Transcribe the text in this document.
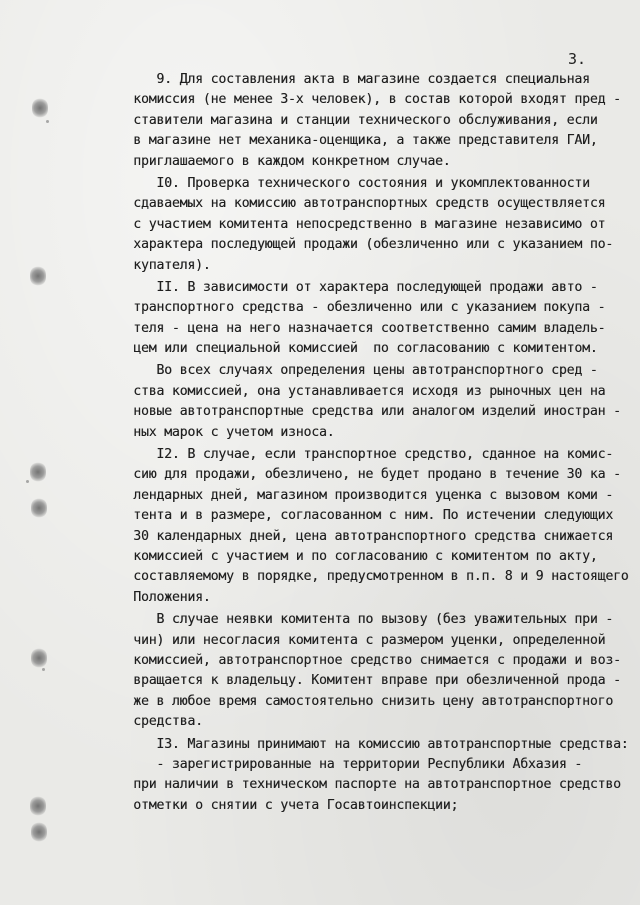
3.
9. Для составления акта в магазине создается специальная
комиссия (не менее 3-х человек), в состав которой входят пред -
ставители магазина и станции технического обслуживания, если
в магазине нет механика-оценщика, а также представителя ГАИ,
приглашаемого в каждом конкретном случае.
I0. Проверка технического состояния и укомплектованности
сдаваемых на комиссию автотранспортных средств осуществляется
с участием комитента непосредственно в магазине независимо от
характера последующей продажи (обезличенно или с указанием по-
купателя).
II. В зависимости от характера последующей продажи авто -
транспортного средства - обезличенно или с указанием покупа -
теля - цена на него назначается соответственно самим владель-
цем или специальной комиссией  по согласованию с комитентом.
Во всех случаях определения цены автотранспортного сред -
ства комиссией, она устанавливается исходя из рыночных цен на
новые автотранспортные средства или аналогом изделий иностран -
ных марок с учетом износа.
I2. В случае, если транспортное средство, сданное на комис-
сию для продажи, обезличено, не будет продано в течение 30 ка -
лендарных дней, магазином производится уценка с вызовом коми -
тента и в размере, согласованном с ним. По истечении следующих
30 календарных дней, цена автотранспортного средства снижается
комиссией с участием и по согласованию с комитентом по акту,
составляемому в порядке, предусмотренном в п.п. 8 и 9 настоящего
Положения.
В случае неявки комитента по вызову (без уважительных при -
чин) или несогласия комитента с размером уценки, определенной
комиссией, автотранспортное средство снимается с продажи и воз-
вращается к владельцу. Комитент вправе при обезличенной прода -
же в любое время самостоятельно снизить цену автотранспортного
средства.
I3. Магазины принимают на комиссию автотранспортные средства:
- зарегистрированные на территории Республики Абхазия -
при наличии в техническом паспорте на автотранспортное средство
отметки о снятии с учета Госавтоинспекции;
